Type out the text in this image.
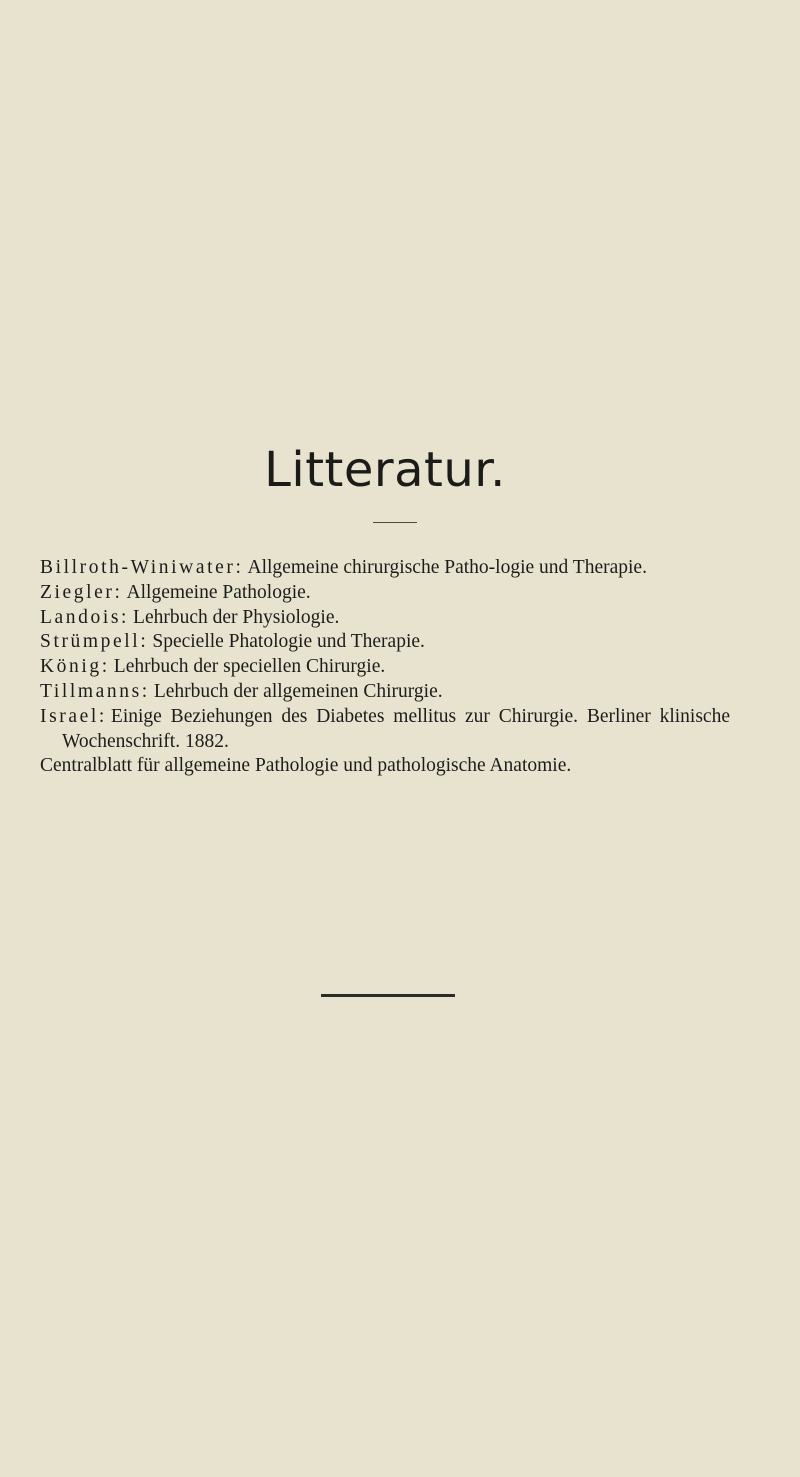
Litteratur.
Billroth-Winiwater: Allgemeine chirurgische Patho-logie und Therapie.
Ziegler: Allgemeine Pathologie.
Landois: Lehrbuch der Physiologie.
Strümpell: Specielle Phatologie und Therapie.
König: Lehrbuch der speciellen Chirurgie.
Tillmanns: Lehrbuch der allgemeinen Chirurgie.
Israel: Einige Beziehungen des Diabetes mellitus zur Chirurgie. Berliner klinische Wochenschrift. 1882.
Centralblatt für allgemeine Pathologie und pathologische Anatomie.
